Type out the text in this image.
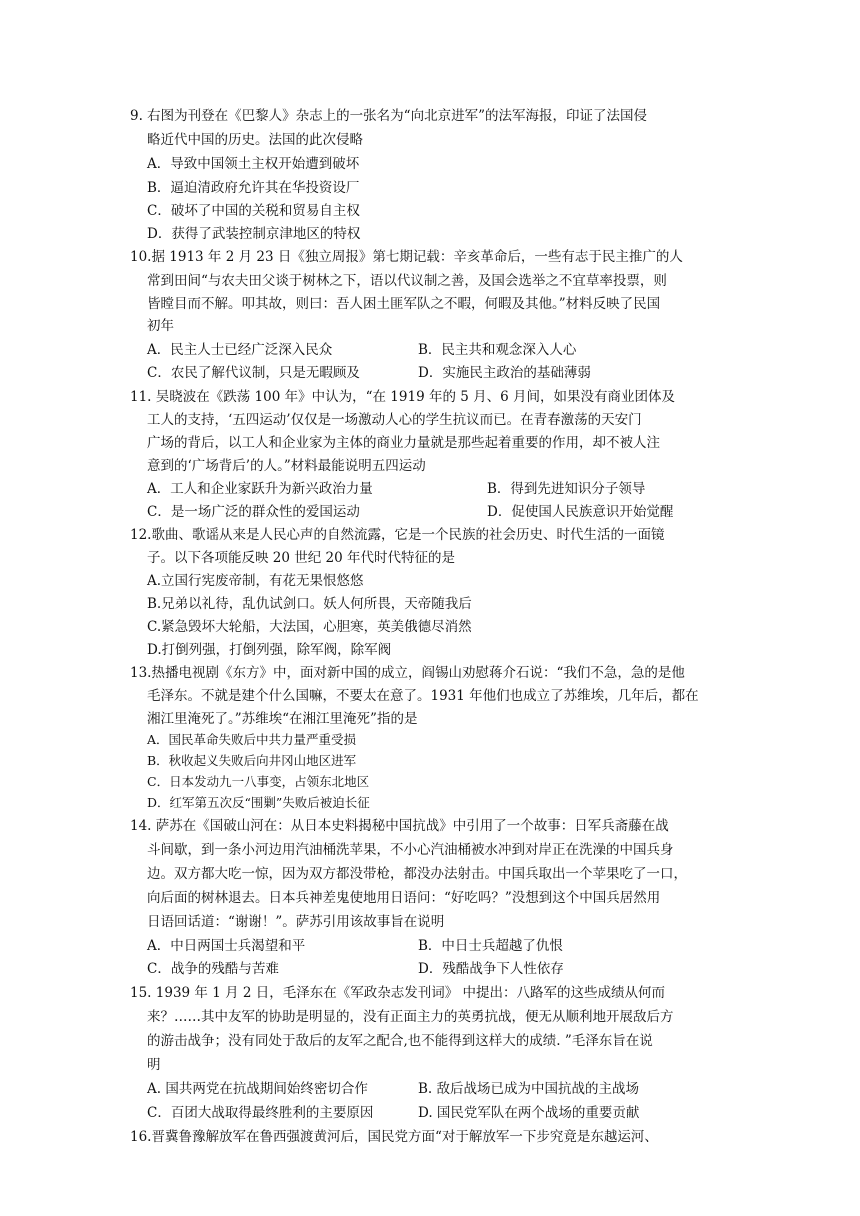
9. 右图为刊登在《巴黎人》杂志上的一张名为“向北京进军”的法军海报，印证了法国侵
略近代中国的历史。法国的此次侵略
A．导致中国领土主权开始遭到破坏
B．逼迫清政府允许其在华投资设厂
C．破坏了中国的关税和贸易自主权
D．获得了武装控制京津地区的特权
10.据 1913 年 2 月 23 日《独立周报》第七期记载：辛亥革命后，一些有志于民主推广的人
常到田间“与农夫田父谈于树林之下，语以代议制之善，及国会选举之不宜草率投票，则
皆瞠目而不解。叩其故，则曰：吾人困土匪军队之不暇，何暇及其他。”材料反映了民国
初年
A．民主人士已经广泛深入民众	B．民主共和观念深入人心
C．农民了解代议制，只是无暇顾及	D．实施民主政治的基础薄弱
11. 吴晓波在《跌荡 100 年》中认为，“在 1919 年的 5 月、6 月间，如果没有商业团体及
工人的支持，‘五四运动’仅仅是一场激动人心的学生抗议而已。在青春激荡的天安门
广场的背后，以工人和企业家为主体的商业力量就是那些起着重要的作用，却不被人注
意到的‘广场背后’的人。”材料最能说明五四运动
A．工人和企业家跃升为新兴政治力量	B．得到先进知识分子领导
C．是一场广泛的群众性的爱国运动	D．促使国人民族意识开始觉醒
12.歌曲、歌谣从来是人民心声的自然流露，它是一个民族的社会历史、时代生活的一面镜
子。以下各项能反映 20 世纪 20 年代时代特征的是
A.立国行宪废帝制，有花无果恨悠悠
B.兄弟以礼待，乱仇试剑口。妖人何所畏，天帝随我后
C.紧急毁坏大轮船，大法国，心胆寒，英美俄德尽消然
D.打倒列强，打倒列强，除军阀，除军阀
13.热播电视剧《东方》中，面对新中国的成立，阎锡山劝慰蒋介石说：“我们不急，急的是他
毛泽东。不就是建个什么国嘛，不要太在意了。1931 年他们也成立了苏维埃，几年后，都在
湘江里淹死了。”苏维埃“在湘江里淹死”指的是
A．国民革命失败后中共力量严重受损
B．秋收起义失败后向井冈山地区进军
C．日本发动九一八事变，占领东北地区
D．红军第五次反“围剿”失败后被迫长征
14. 萨苏在《国破山河在：从日本史料揭秘中国抗战》中引用了一个故事：日军兵斋藤在战
斗间歇，到一条小河边用汽油桶洗苹果，不小心汽油桶被水冲到对岸正在洗澡的中国兵身
边。双方都大吃一惊，因为双方都没带枪，都没办法射击。中国兵取出一个苹果吃了一口，
向后面的树林退去。日本兵神差鬼使地用日语问：“好吃吗？”没想到这个中国兵居然用
日语回话道：“谢谢！”。萨苏引用该故事旨在说明
A．中日两国士兵渴望和平	B．中日士兵超越了仇恨
C．战争的残酷与苦难	D．残酷战争下人性依存
15. 1939 年 1 月 2 日，毛泽东在《军政杂志发刊词》 中提出：八路军的这些成绩从何而
来？……其中友军的协助是明显的，没有正面主力的英勇抗战，便无从顺利地开展敌后方
的游击战争；没有同处于敌后的友军之配合,也不能得到这样大的成绩. ”毛泽东旨在说
明
A. 国共两党在抗战期间始终密切合作	B. 敌后战场已成为中国抗战的主战场
C．百团大战取得最终胜利的主要原因	D. 国民党军队在两个战场的重要贡献
16.晋冀鲁豫解放军在鲁西强渡黄河后，国民党方面“对于解放军一下步究竟是东越运河、
